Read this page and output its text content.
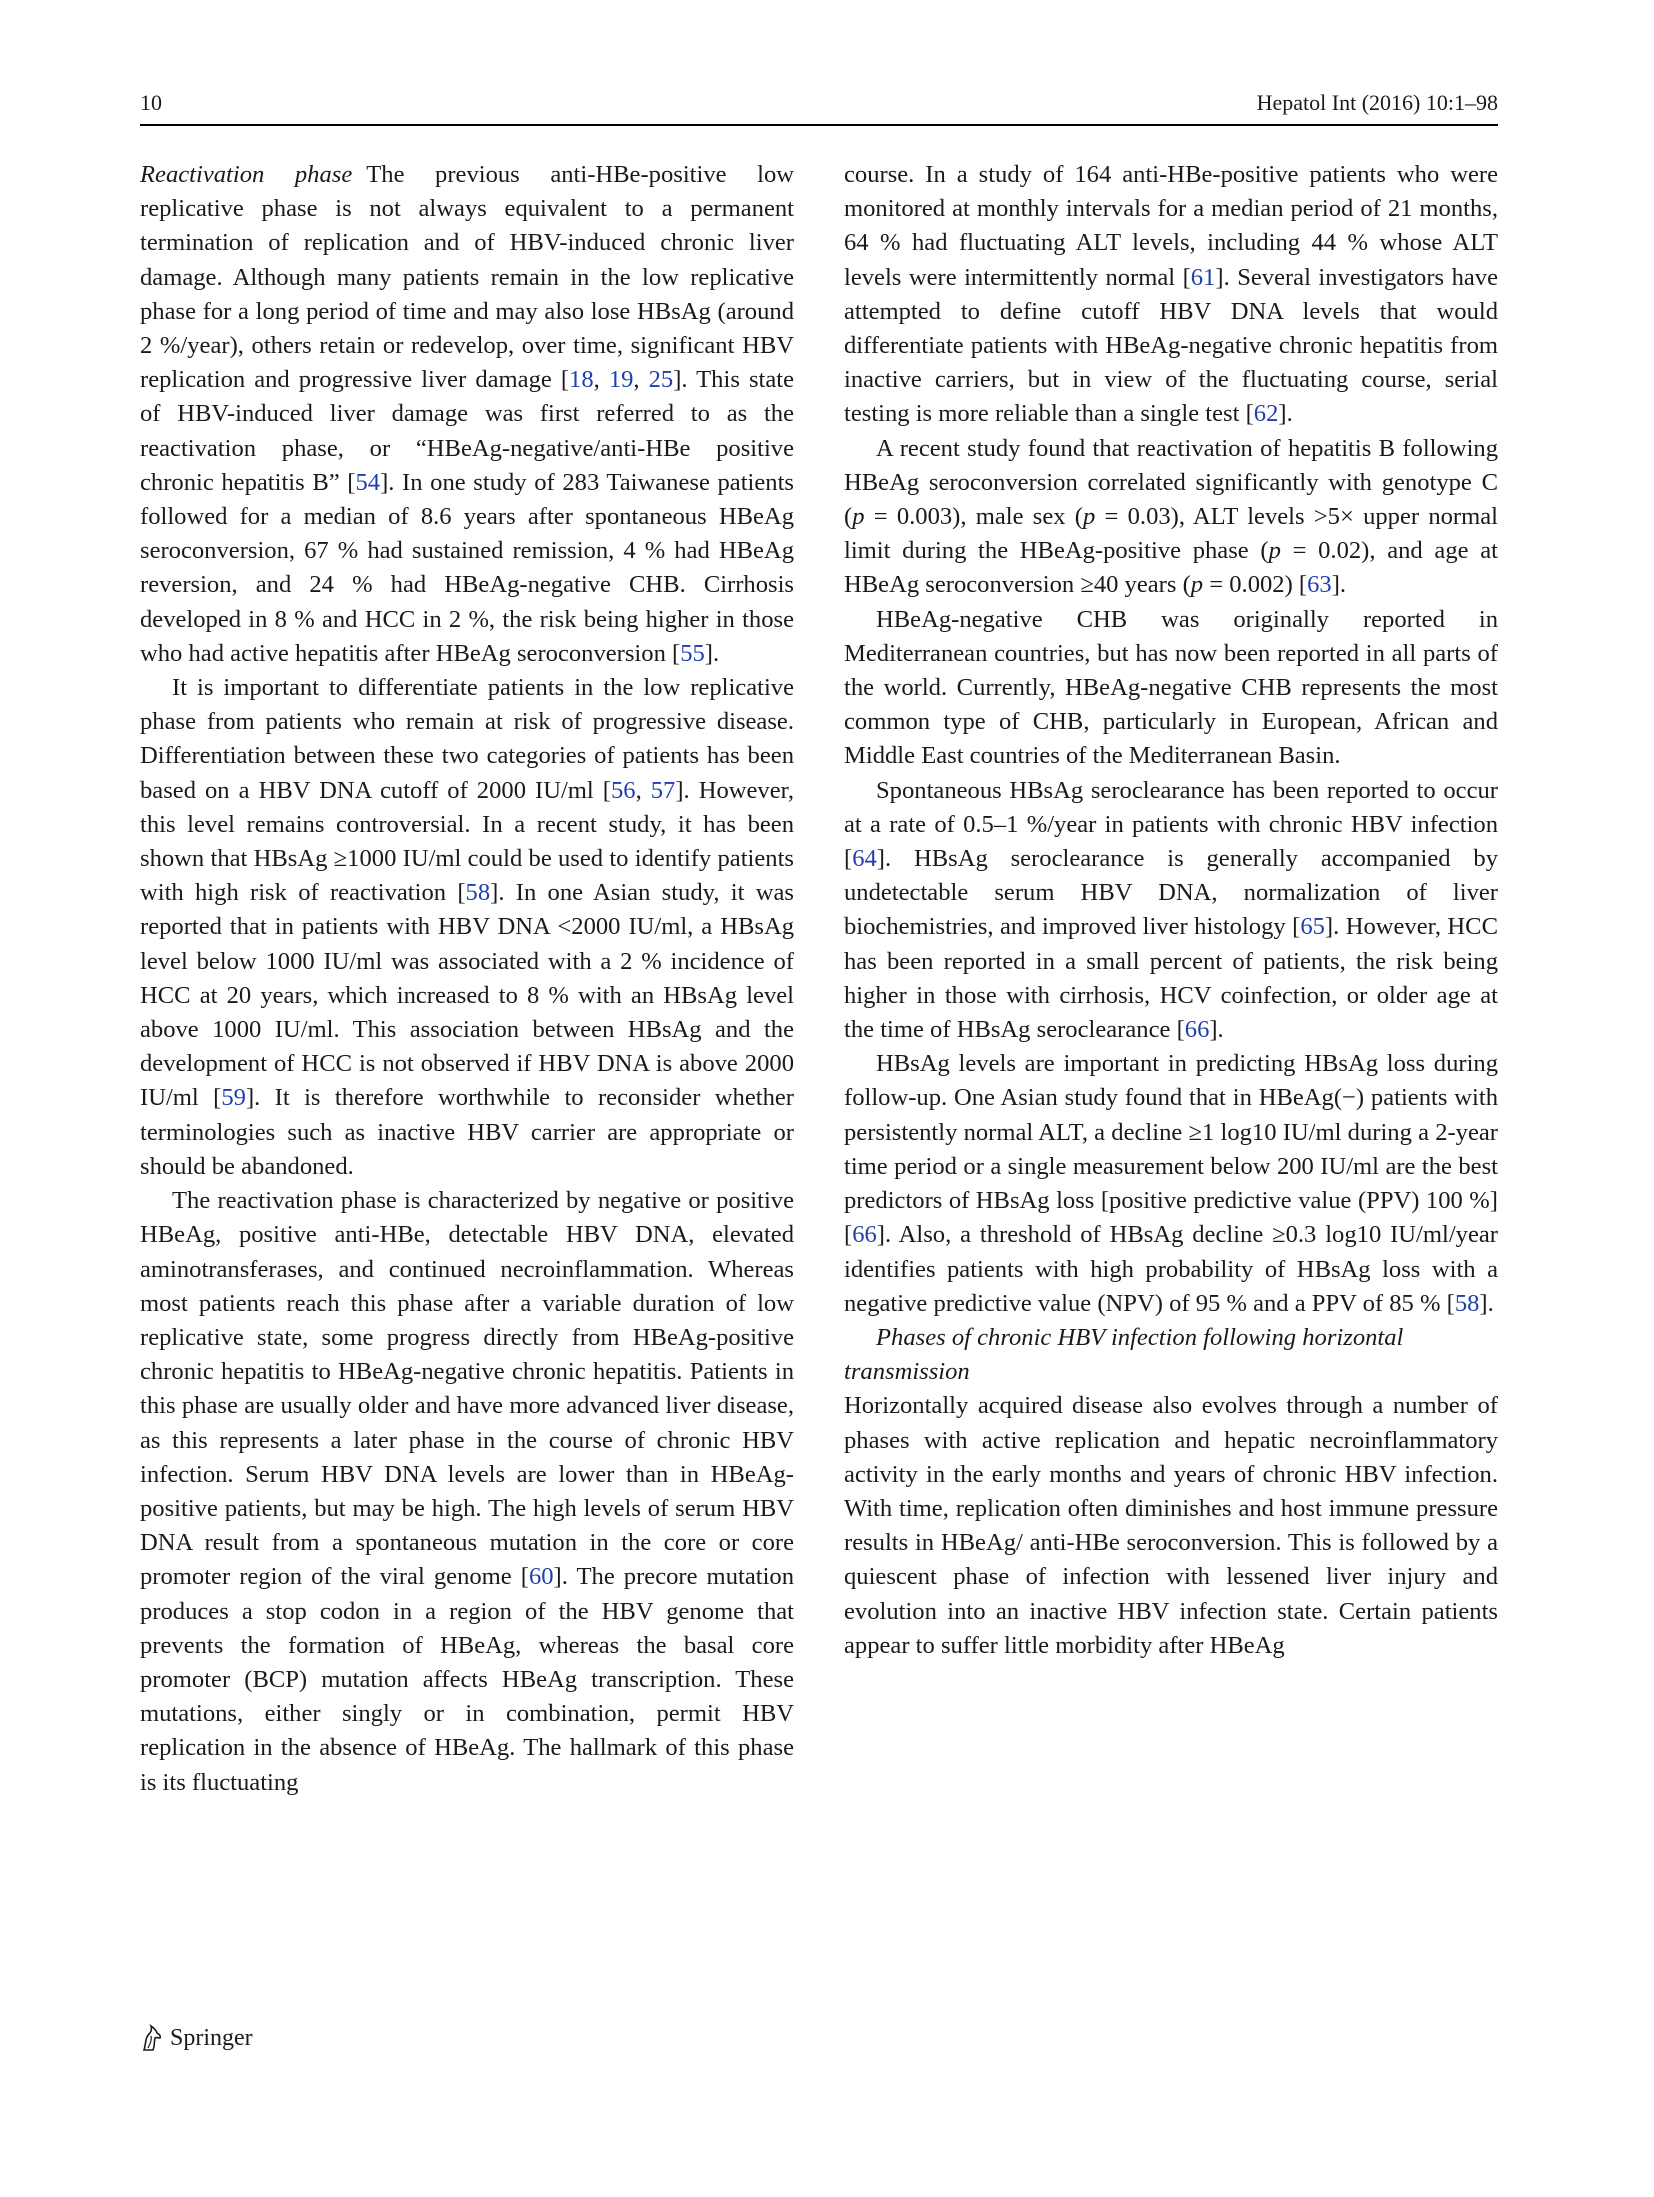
10	Hepatol Int (2016) 10:1–98

Reactivation phase The previous anti-HBe-positive low replicative phase is not always equivalent to a permanent termination of replication and of HBV-induced chronic liver damage. Although many patients remain in the low replicative phase for a long period of time and may also lose HBsAg (around 2 %/year), others retain or redevelop, over time, significant HBV replication and progressive liver damage [18, 19, 25]. This state of HBV-induced liver damage was first referred to as the reactivation phase, or “HBeAg-negative/anti-HBe positive chronic hepatitis B” [54]. In one study of 283 Taiwanese patients followed for a median of 8.6 years after spontaneous HBeAg seroconversion, 67 % had sustained remission, 4 % had HBeAg reversion, and 24 % had HBeAg-negative CHB. Cirrhosis developed in 8 % and HCC in 2 %, the risk being higher in those who had active hepatitis after HBeAg seroconversion [55].

It is important to differentiate patients in the low replicative phase from patients who remain at risk of progressive disease. Differentiation between these two categories of patients has been based on a HBV DNA cutoff of 2000 IU/ml [56, 57]. However, this level remains controversial. In a recent study, it has been shown that HBsAg ≥1000 IU/ml could be used to identify patients with high risk of reactivation [58]. In one Asian study, it was reported that in patients with HBV DNA <2000 IU/ml, a HBsAg level below 1000 IU/ml was associated with a 2 % incidence of HCC at 20 years, which increased to 8 % with an HBsAg level above 1000 IU/ml. This association between HBsAg and the development of HCC is not observed if HBV DNA is above 2000 IU/ml [59]. It is therefore worthwhile to reconsider whether terminologies such as inactive HBV carrier are appropriate or should be abandoned.

The reactivation phase is characterized by negative or positive HBeAg, positive anti-HBe, detectable HBV DNA, elevated aminotransferases, and continued necroinflammation. Whereas most patients reach this phase after a variable duration of low replicative state, some progress directly from HBeAg-positive chronic hepatitis to HBeAg-negative chronic hepatitis. Patients in this phase are usually older and have more advanced liver disease, as this represents a later phase in the course of chronic HBV infection. Serum HBV DNA levels are lower than in HBeAg-positive patients, but may be high. The high levels of serum HBV DNA result from a spontaneous mutation in the core or core promoter region of the viral genome [60]. The precore mutation produces a stop codon in a region of the HBV genome that prevents the formation of HBeAg, whereas the basal core promoter (BCP) mutation affects HBeAg transcription. These mutations, either singly or in combination, permit HBV replication in the absence of HBeAg. The hallmark of this phase is its fluctuating

course. In a study of 164 anti-HBe-positive patients who were monitored at monthly intervals for a median period of 21 months, 64 % had fluctuating ALT levels, including 44 % whose ALT levels were intermittently normal [61]. Several investigators have attempted to define cutoff HBV DNA levels that would differentiate patients with HBeAg-negative chronic hepatitis from inactive carriers, but in view of the fluctuating course, serial testing is more reliable than a single test [62].

A recent study found that reactivation of hepatitis B following HBeAg seroconversion correlated significantly with genotype C (p = 0.003), male sex (p = 0.03), ALT levels >5× upper normal limit during the HBeAg-positive phase (p = 0.02), and age at HBeAg seroconversion ≥40 years (p = 0.002) [63].

HBeAg-negative CHB was originally reported in Mediterranean countries, but has now been reported in all parts of the world. Currently, HBeAg-negative CHB represents the most common type of CHB, particularly in European, African and Middle East countries of the Mediterranean Basin.

Spontaneous HBsAg seroclearance has been reported to occur at a rate of 0.5–1 %/year in patients with chronic HBV infection [64]. HBsAg seroclearance is generally accompanied by undetectable serum HBV DNA, normalization of liver biochemistries, and improved liver histology [65]. However, HCC has been reported in a small percent of patients, the risk being higher in those with cirrhosis, HCV coinfection, or older age at the time of HBsAg seroclearance [66].

HBsAg levels are important in predicting HBsAg loss during follow-up. One Asian study found that in HBeAg(−) patients with persistently normal ALT, a decline ≥1 log10 IU/ml during a 2-year time period or a single measurement below 200 IU/ml are the best predictors of HBsAg loss [positive predictive value (PPV) 100 %] [66]. Also, a threshold of HBsAg decline ≥0.3 log10 IU/ml/year identifies patients with high probability of HBsAg loss with a negative predictive value (NPV) of 95 % and a PPV of 85 % [58].

Phases of chronic HBV infection following horizontal transmission

Horizontally acquired disease also evolves through a number of phases with active replication and hepatic necroinflammatory activity in the early months and years of chronic HBV infection. With time, replication often diminishes and host immune pressure results in HBeAg/ anti-HBe seroconversion. This is followed by a quiescent phase of infection with lessened liver injury and evolution into an inactive HBV infection state. Certain patients appear to suffer little morbidity after HBeAg

Springer
